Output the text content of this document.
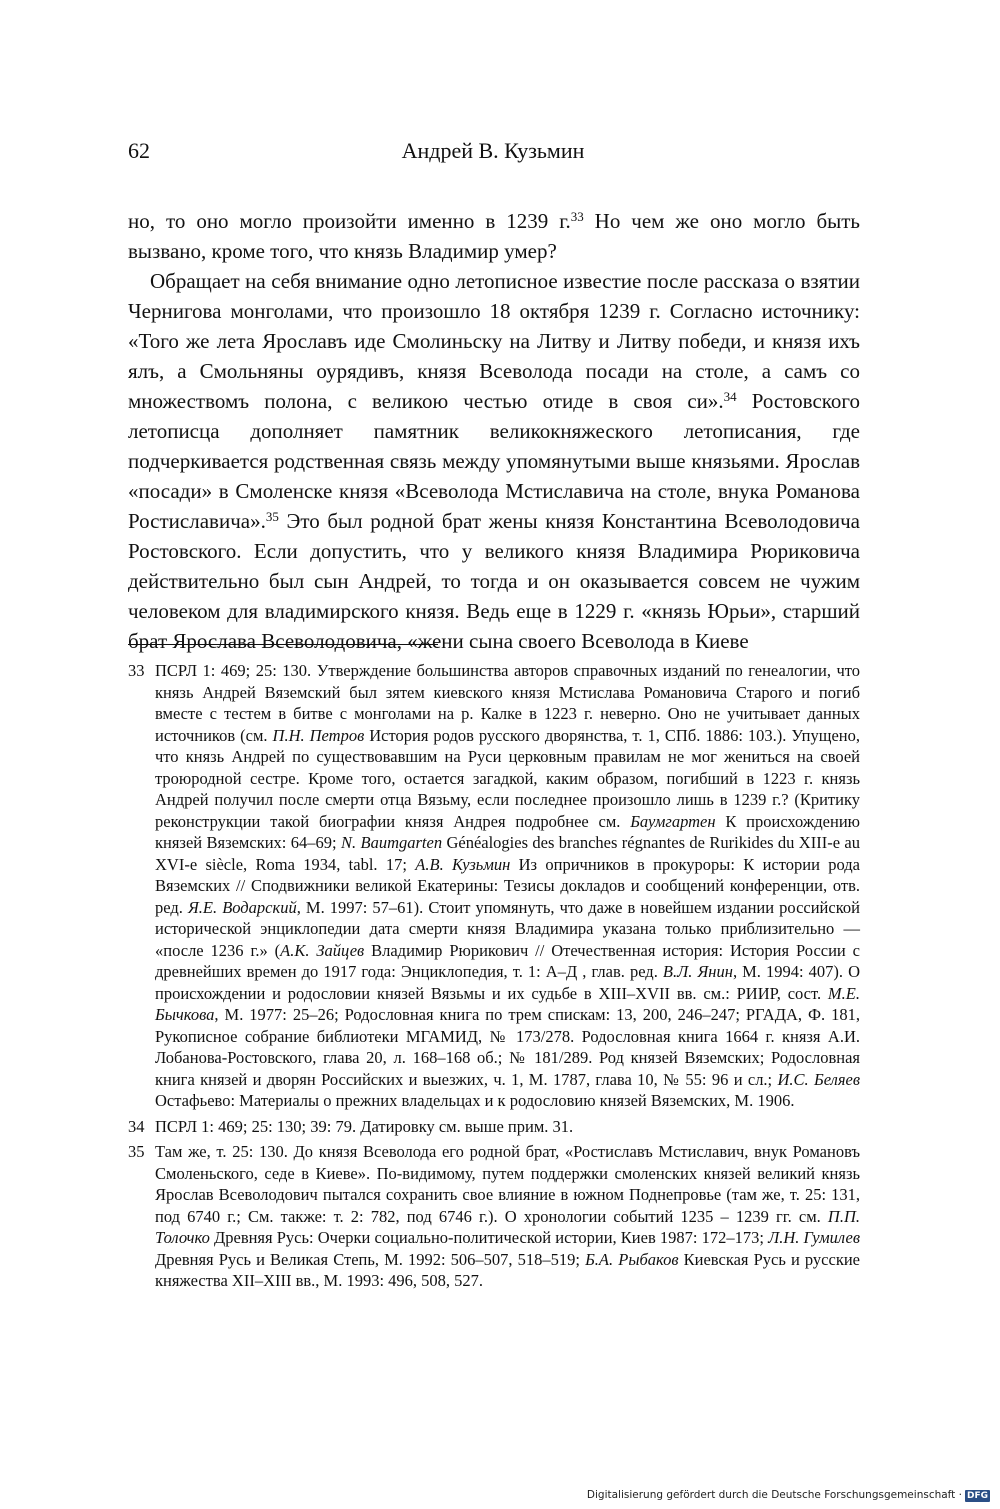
62	Андрей В. Кузьмин

но, то оно могло произойти именно в 1239 г.$^{33}$ Но чем же оно могло быть вызвано, кроме того, что князь Владимир умер?

Обращает на себя внимание одно летописное известие после рассказа о взятии Чернигова монголами, что произошло 18 октября 1239 г. Согласно источнику: «Того же лета Ярославъ иде Смолиньску на Литву и Литву победи, и князя ихъ ялъ, а Смольняны оурядивъ, князя Всеволода посади на столе, а самъ со множествомъ полона, с великою честью отиде в своя си».$^{34}$ Ростовского летописца дополняет памятник великокняжеского летописания, где подчеркивается родственная связь между упомянутыми выше князьями. Ярослав «посади» в Смоленске князя «Всеволода Мстиславича на столе, внука Романова Ростиславича».$^{35}$ Это был родной брат жены князя Константина Всеволодовича Ростовского. Если допустить, что у великого князя Владимира Рюриковича действительно был сын Андрей, то тогда и он оказывается совсем не чужим человеком для владимирского князя. Ведь еще в 1229 г. «князь Юрьи», старший брат Ярослава Всеволодовича, «жени сына своего Всеволода в Киеве

33 ПСРЛ 1: 469; 25: 130. Утверждение большинства авторов справочных изданий по генеалогии, что князь Андрей Вяземский был зятем киевского князя Мстислава Романовича Старого и погиб вместе с тестем в битве с монголами на р. Калке в 1223 г. неверно. Оно не учитывает данных источников (см. П.Н. Петров История родов русского дворянства, т. 1, СПб. 1886: 103.). Упущено, что князь Андрей по существовавшим на Руси церковным правилам не мог жениться на своей троюродной сестре. Кроме того, остается загадкой, каким образом, погибший в 1223 г. князь Андрей получил после смерти отца Вязьму, если последнее произошло лишь в 1239 г.? (Критику реконструкции такой биографии князя Андрея подробнее см. Баумгартен К происхождению князей Вяземских: 64–69; N. Baumgarten Généalogies des branches régnantes de Rurikides du XIII-e au XVI-e siècle, Roma 1934, tabl. 17; А.В. Кузьмин Из опричников в прокуроры: К истории рода Вяземских // Сподвижники великой Екатерины: Тезисы докладов и сообщений конференции, отв. ред. Я.Е. Водарский, М. 1997: 57–61). Стоит упомянуть, что даже в новейшем издании российской исторической энциклопедии дата смерти князя Владимира указана только приблизительно — «после 1236 г.» (А.К. Зайцев Владимир Рюрикович // Отечественная история: История России с древнейших времен до 1917 года: Энциклопедия, т. 1: А–Д , глав. ред. В.Л. Янин, М. 1994: 407). О происхождении и родословии князей Вязьмы и их судьбе в XIII–XVII вв. см.: РИИР, сост. М.Е. Бычкова, М. 1977: 25–26; Родословная книга по трем спискам: 13, 200, 246–247; РГАДА, Ф. 181, Рукописное собрание библиотеки МГАМИД, № 173/278. Родословная книга 1664 г. князя А.И. Лобанова-Ростовского, глава 20, л. 168–168 об.; № 181/289. Род князей Вяземских; Родословная книга князей и дворян Российских и выезжих, ч. 1, М. 1787, глава 10, № 55: 96 и сл.; И.С. Беляев Остафьево: Материалы о прежних владельцах и к родословию князей Вяземских, М. 1906.
34 ПСРЛ 1: 469; 25: 130; 39: 79. Датировку см. выше прим. 31.
35 Там же, т. 25: 130. До князя Всеволода его родной брат, «Ростиславъ Мстиславич, внук Романовъ Смоленьского, седе в Киеве». По-видимому, путем поддержки смоленских князей великий князь Ярослав Всеволодович пытался сохранить свое влияние в южном Поднепровье (там же, т. 25: 131, под 6740 г.; См. также: т. 2: 782, под 6746 г.). О хронологии событий 1235 – 1239 гг. см. П.П. Толочко Древняя Русь: Очерки социально-политической истории, Киев 1987: 172–173; Л.Н. Гумилев Древняя Русь и Великая Степь, М. 1992: 506–507, 518–519; Б.А. Рыбаков Киевская Русь и русские княжества XII–XIII вв., М. 1993: 496, 508, 527.
Digitalisierung gefördert durch die Deutsche Forschungsgemeinschaft · DFG
